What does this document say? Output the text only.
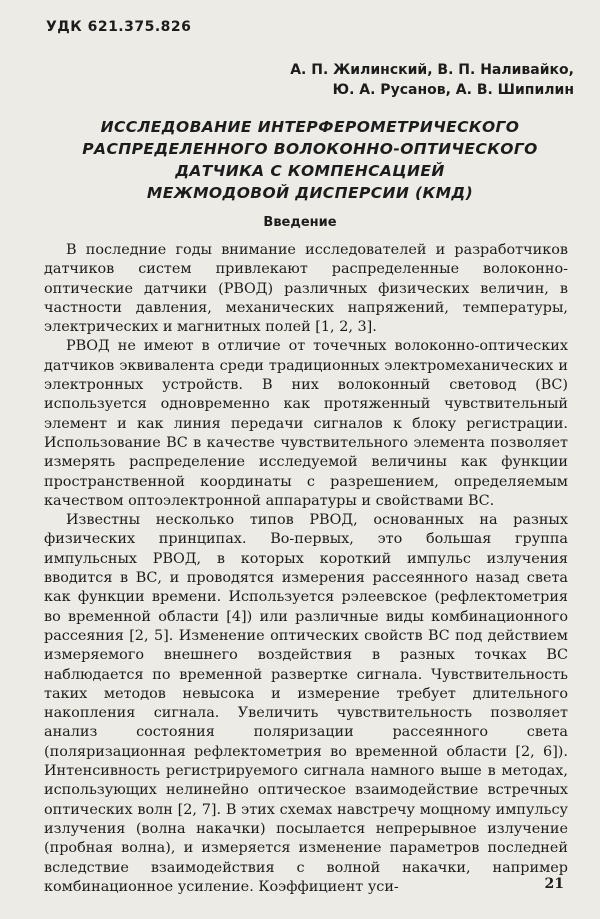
УДК 621.375.826
А. П. Жилинский, В. П. Наливайко,
Ю. А. Русанов, А. В. Шипилин
ИССЛЕДОВАНИЕ ИНТЕРФЕРОМЕТРИЧЕСКОГО
РАСПРЕДЕЛЕННОГО ВОЛОКОННО-ОПТИЧЕСКОГО
ДАТЧИКА С КОМПЕНСАЦИЕЙ
МЕЖМОДОВОЙ ДИСПЕРСИИ (КМД)
Введение

В последние годы внимание исследователей и разработчиков датчиков систем привлекают распределенные волоконно-оптические датчики (РВОД) различных физических величин, в частности давления, механических напряжений, температуры, электрических и магнитных полей [1, 2, 3].

РВОД не имеют в отличие от точечных волоконно-оптических датчиков эквивалента среди традиционных электромеханических и электронных устройств. В них волоконный световод (ВС) используется одновременно как протяженный чувствительный элемент и как линия передачи сигналов к блоку регистрации. Использование ВС в качестве чувствительного элемента позволяет измерять распределение исследуемой величины как функции пространственной координаты с разрешением, определяемым качеством оптоэлектронной аппаратуры и свойствами ВС.

Известны несколько типов РВОД, основанных на разных физических принципах. Во-первых, это большая группа импульсных РВОД, в которых короткий импульс излучения вводится в ВС, и проводятся измерения рассеянного назад света как функции времени. Используется рэлеевское (рефлектометрия во временной области [4]) или различные виды комбинационного рассеяния [2, 5]. Изменение оптических свойств ВС под действием измеряемого внешнего воздействия в разных точках ВС наблюдается по временной развертке сигнала. Чувствительность таких методов невысока и измерение требует длительного накопления сигнала. Увеличить чувствительность позволяет анализ состояния поляризации рассеянного света (поляризационная рефлектометрия во временной области [2, 6]). Интенсивность регистрируемого сигнала намного выше в методах, использующих нелинейно оптическое взаимодействие встречных оптических волн [2, 7]. В этих схемах навстречу мощному импульсу излучения (волна накачки) посылается непрерывное излучение (пробная волна), и измеряется изменение параметров последней вследствие взаимодействия с волной накачки, например комбинационное усиление. Коэффициент уси-	21
